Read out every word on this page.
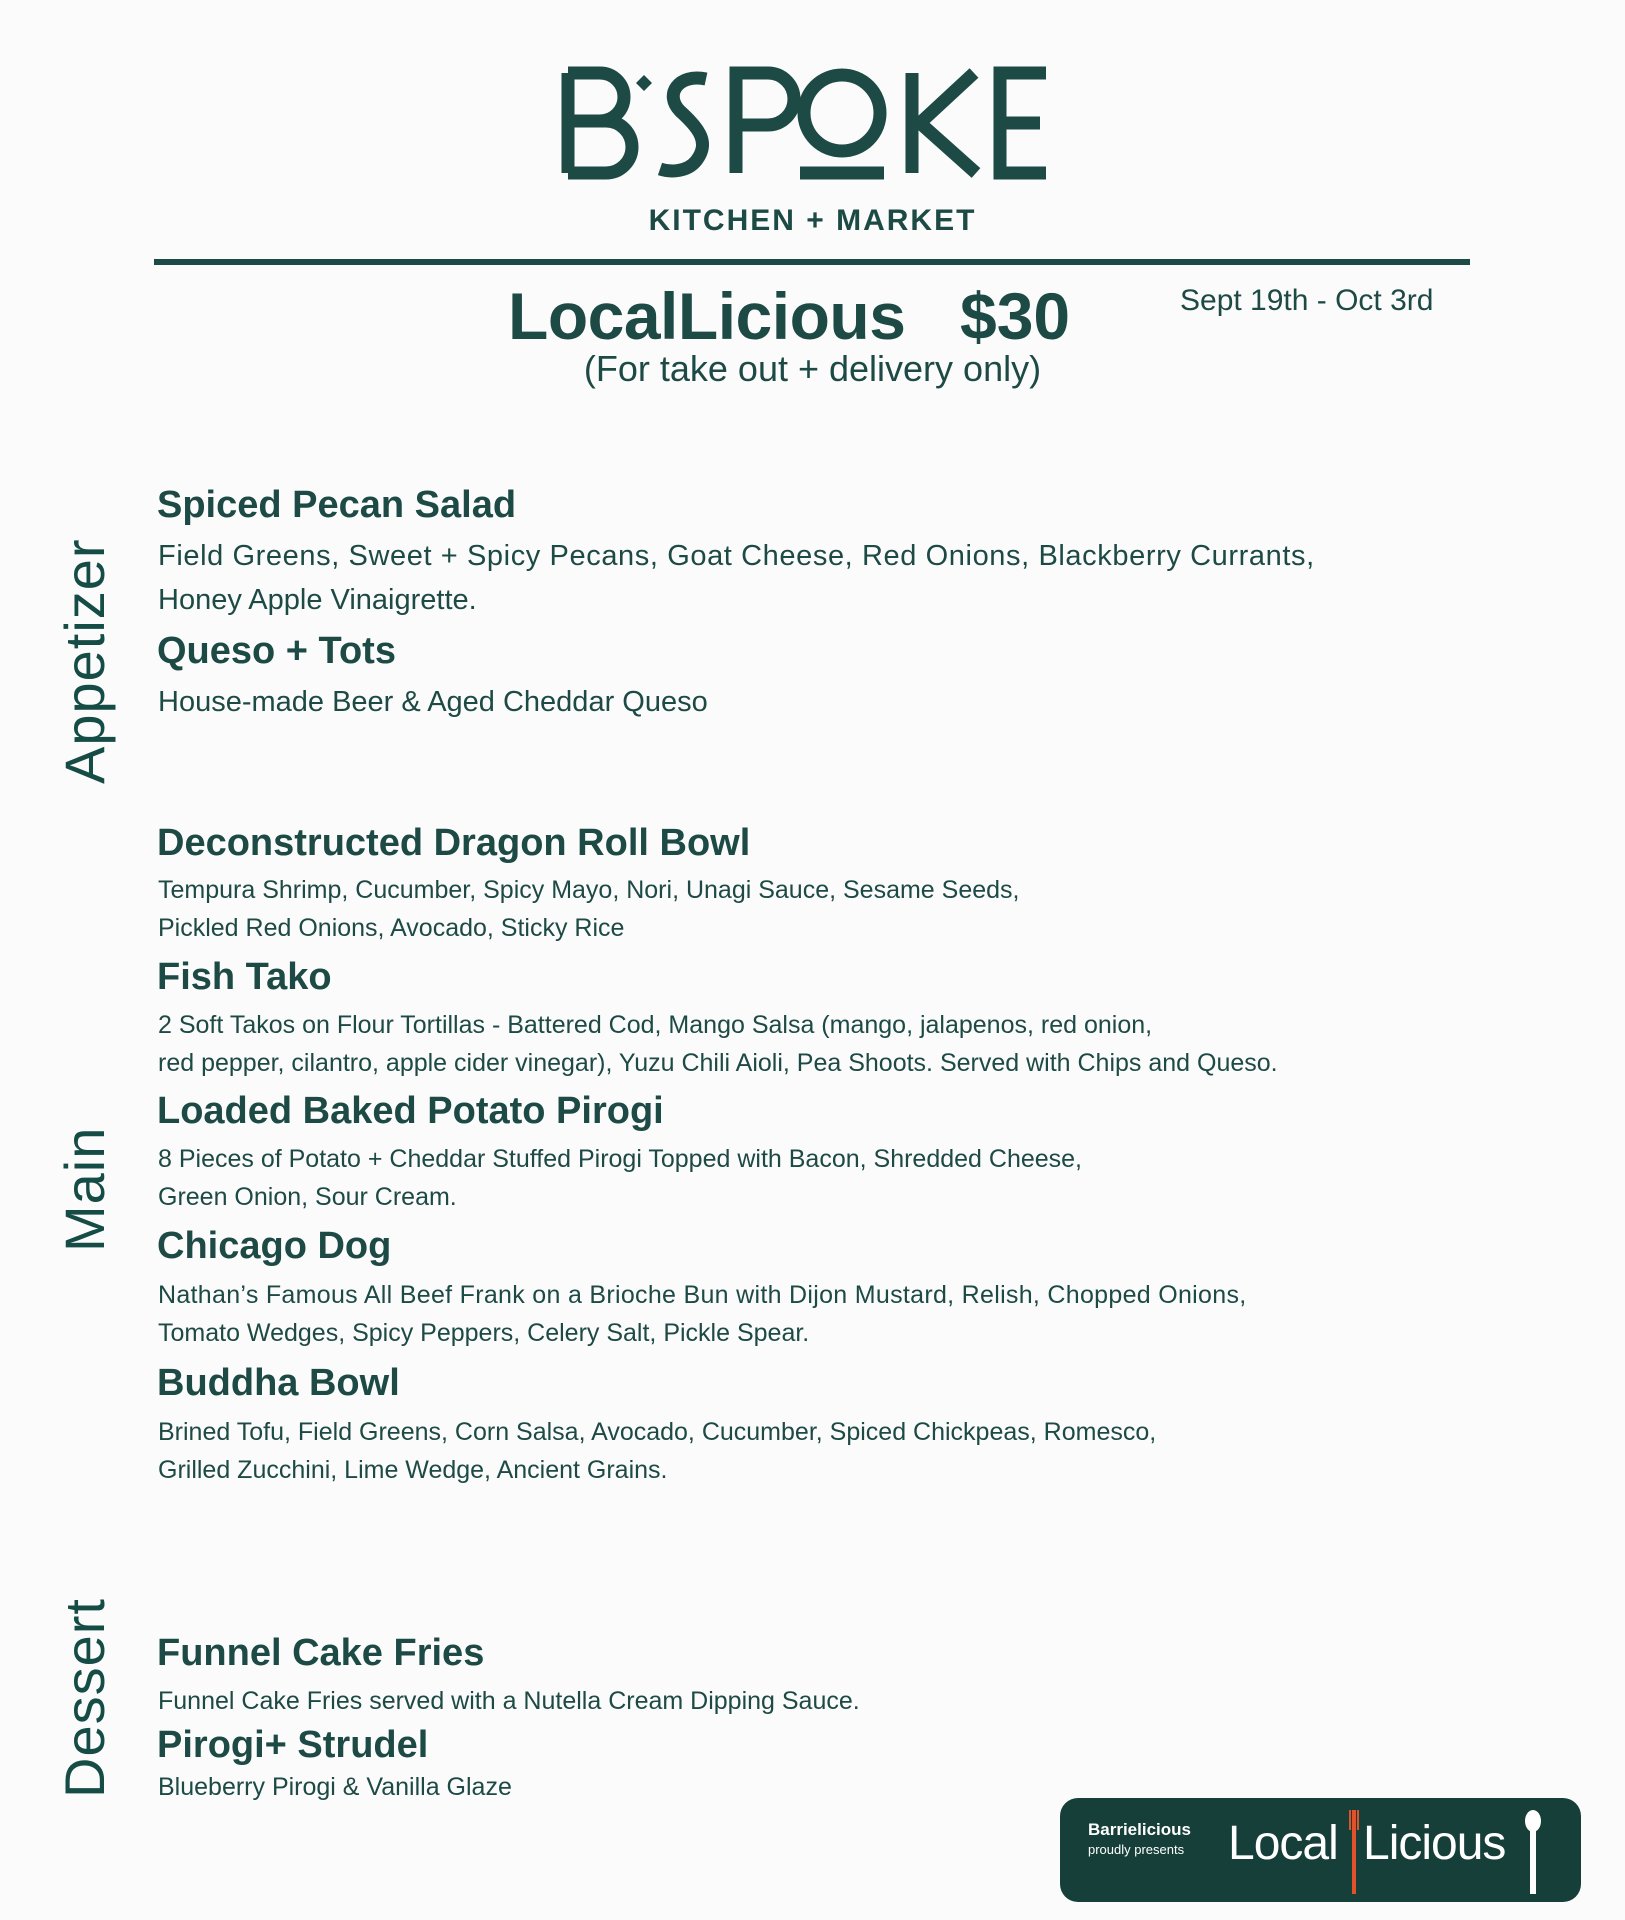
KITCHEN + MARKET
LocalLicious $30	Sept 19th - Oct 3rd
(For take out + delivery only)
Appetizer
Main
Dessert
Spiced Pecan Salad
Field Greens, Sweet + Spicy Pecans, Goat Cheese, Red Onions, Blackberry Currants,
Honey Apple Vinaigrette.
Queso + Tots
House-made Beer & Aged Cheddar Queso
Deconstructed Dragon Roll Bowl
Tempura Shrimp, Cucumber, Spicy Mayo, Nori, Unagi Sauce, Sesame Seeds,
Pickled Red Onions, Avocado, Sticky Rice
Fish Tako
2 Soft Takos on Flour Tortillas - Battered Cod, Mango Salsa (mango, jalapenos, red onion,
red pepper, cilantro, apple cider vinegar), Yuzu Chili Aioli, Pea Shoots. Served with Chips and Queso.
Loaded Baked Potato Pirogi
8 Pieces of Potato + Cheddar Stuffed Pirogi Topped with Bacon, Shredded Cheese,
Green Onion, Sour Cream.
Chicago Dog
Nathan’s Famous All Beef Frank on a Brioche Bun with Dijon Mustard, Relish, Chopped Onions,
Tomato Wedges, Spicy Peppers, Celery Salt, Pickle Spear.
Buddha Bowl
Brined Tofu, Field Greens, Corn Salsa, Avocado, Cucumber, Spiced Chickpeas, Romesco,
Grilled Zucchini, Lime Wedge, Ancient Grains.
Funnel Cake Fries
Funnel Cake Fries served with a Nutella Cream Dipping Sauce.
Pirogi+ Strudel
Blueberry Pirogi & Vanilla Glaze
Barrielicious
proudly presents Local Licious
